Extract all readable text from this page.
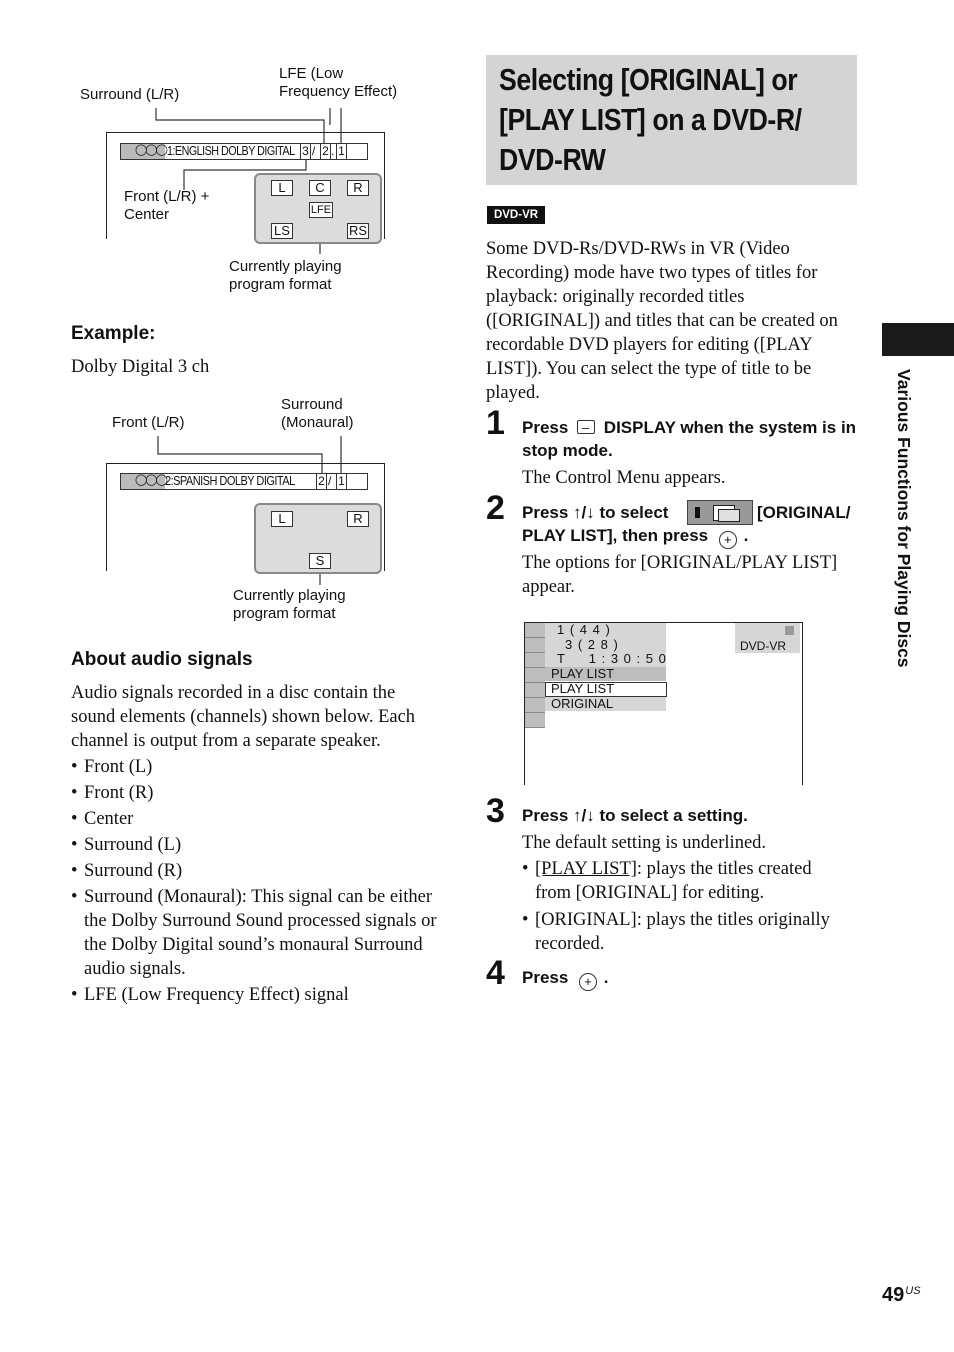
Surround (L/R)
LFE (Low
Frequency Effect)
◯◯◯ 1:ENGLISH DOLBY DIGITAL 3 / 2 . 1
Front (L/R) +
Center
L	C	R
LFE
LS	RS
Currently playing
program format
Example:
Dolby Digital 3 ch
Front (L/R)
Surround
(Monaural)
◯◯◯ 2:SPANISH DOLBY DIGITAL 2 / 1
L	R
S
Currently playing
program format
About audio signals
Audio signals recorded in a disc contain the sound elements (channels) shown below. Each channel is output from a separate speaker.
• Front (L)
• Front (R)
• Center
• Surround (L)
• Surround (R)
• Surround (Monaural): This signal can be either the Dolby Surround Sound processed signals or the Dolby Digital sound’s monaural Surround audio signals.
• LFE (Low Frequency Effect) signal
Selecting [ORIGINAL] or
[PLAY LIST] on a DVD-R/
DVD-RW
DVD-VR
Some DVD-Rs/DVD-RWs in VR (Video Recording) mode have two types of titles for playback: originally recorded titles ([ORIGINAL]) and titles that can be created on recordable DVD players for editing ([PLAY LIST]). You can select the type of title to be played.
1 Press DISPLAY when the system is in stop mode.
The Control Menu appears.
2 Press ↑/↓ to select	[ORIGINAL/
PLAY LIST], then press + .
The options for [ORIGINAL/PLAY LIST] appear.
1 ( 4 4 )
3 ( 2 8 )
T     1 : 3 0 : 5 0
PLAY LIST
PLAY LIST
ORIGINAL
DVD-VR
3 Press ↑/↓ to select a setting.
The default setting is underlined.
• [PLAY LIST]: plays the titles created from [ORIGINAL] for editing.
• [ORIGINAL]: plays the titles originally recorded.
4 Press + .
Various Functions for Playing Discs
$49^{US}$
